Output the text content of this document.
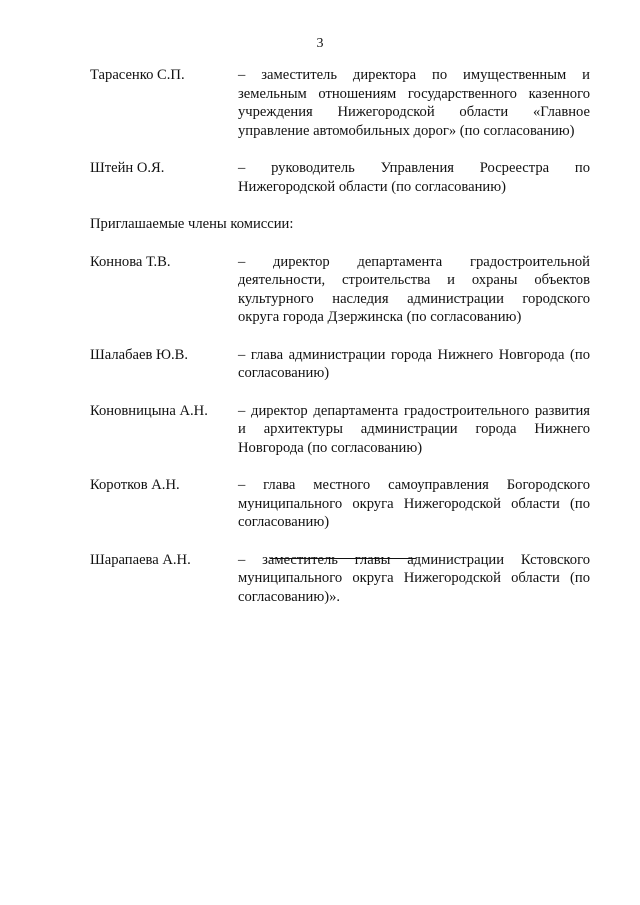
3
Тарасенко С.П.	– заместитель директора по имущественным и земельным отношениям государственного казенного учреждения Нижегородской области «Главное управление автомобильных дорог» (по согласованию)
Штейн О.Я.	– руководитель Управления Росреестра по Нижегородской области (по согласованию)
Приглашаемые члены комиссии:
Коннова Т.В.	– директор департамента градостроительной деятельности, строительства и охраны объектов культурного наследия администрации городского округа города Дзержинска (по согласованию)
Шалабаев Ю.В.	– глава администрации города Нижнего Новгорода (по согласованию)
Коновницына А.Н.	– директор департамента градостроительного развития и архитектуры администрации города Нижнего Новгорода (по согласованию)
Коротков А.Н.	– глава местного самоуправления Богородского муниципального округа Нижегородской области (по согласованию)
Шарапаева А.Н.	– заместитель главы администрации Кстовского муниципального округа Нижегородской области (по согласованию)».
